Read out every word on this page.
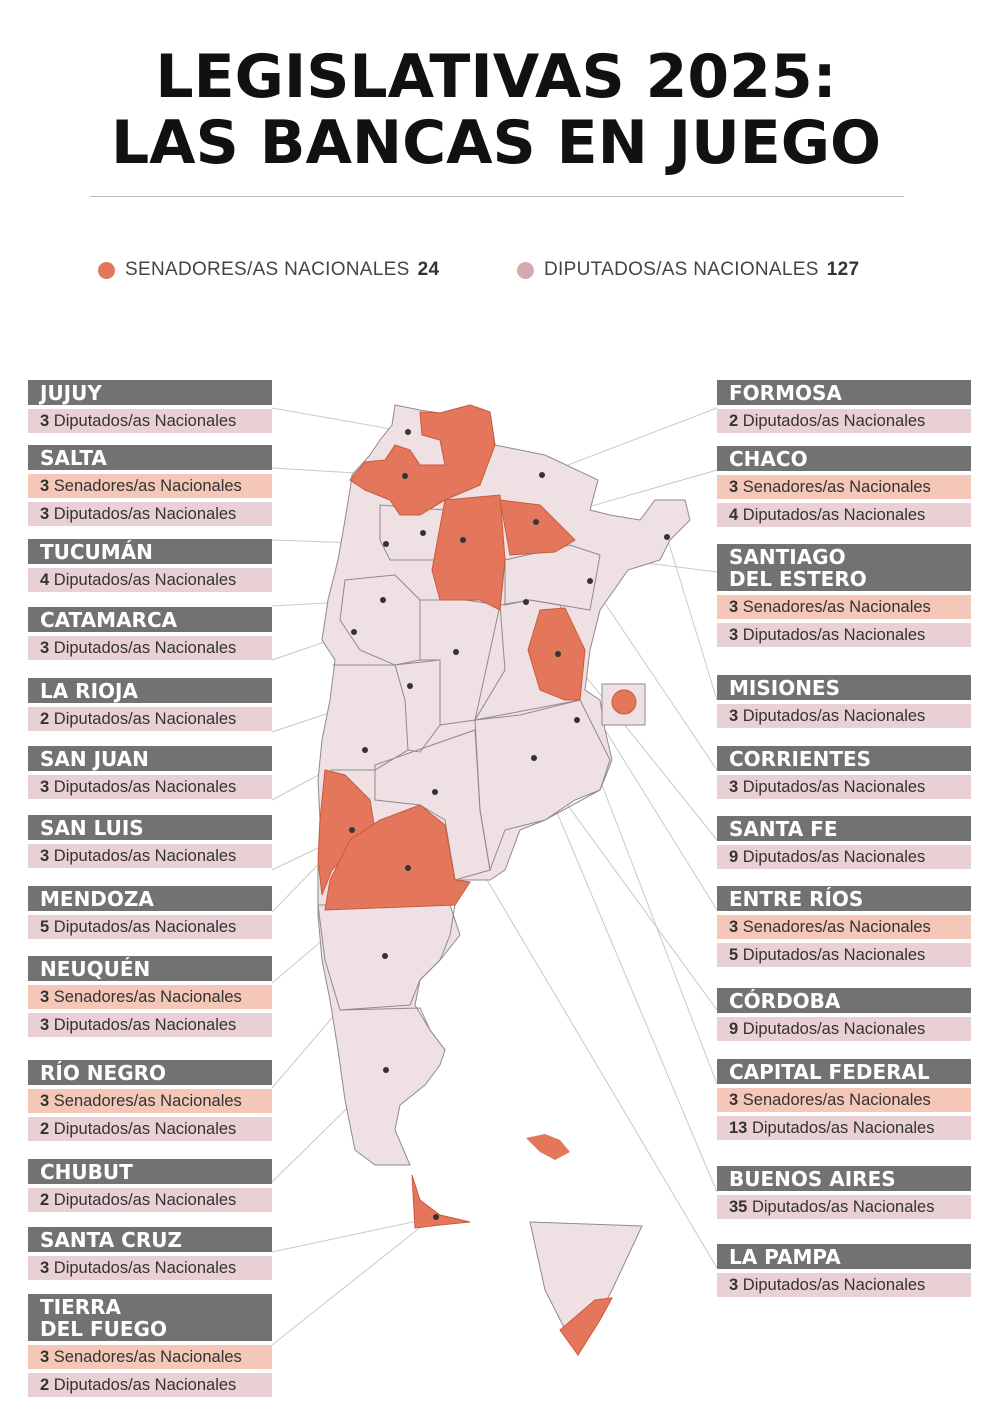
LEGISLATIVAS 2025:
LAS BANCAS EN JUEGO
SENADORES/AS NACIONALES 24	DIPUTADOS/AS NACIONALES 127
JUJUY
3 Diputados/as Nacionales
SALTA
3 Senadores/as Nacionales
3 Diputados/as Nacionales
TUCUMÁN
4 Diputados/as Nacionales
CATAMARCA
3 Diputados/as Nacionales
LA RIOJA
2 Diputados/as Nacionales
SAN JUAN
3 Diputados/as Nacionales
SAN LUIS
3 Diputados/as Nacionales
MENDOZA
5 Diputados/as Nacionales
NEUQUÉN
3 Senadores/as Nacionales
3 Diputados/as Nacionales
RÍO NEGRO
3 Senadores/as Nacionales
2 Diputados/as Nacionales
CHUBUT
2 Diputados/as Nacionales
SANTA CRUZ
3 Diputados/as Nacionales
TIERRA
DEL FUEGO
3 Senadores/as Nacionales
2 Diputados/as Nacionales
FORMOSA
2 Diputados/as Nacionales
CHACO
3 Senadores/as Nacionales
4 Diputados/as Nacionales
SANTIAGO
DEL ESTERO
3 Senadores/as Nacionales
3 Diputados/as Nacionales
MISIONES
3 Diputados/as Nacionales
CORRIENTES
3 Diputados/as Nacionales
SANTA FE
9 Diputados/as Nacionales
ENTRE RÍOS
3 Senadores/as Nacionales
5 Diputados/as Nacionales
CÓRDOBA
9 Diputados/as Nacionales
CAPITAL FEDERAL
3 Senadores/as Nacionales
13 Diputados/as Nacionales
BUENOS AIRES
35 Diputados/as Nacionales
LA PAMPA
3 Diputados/as Nacionales
